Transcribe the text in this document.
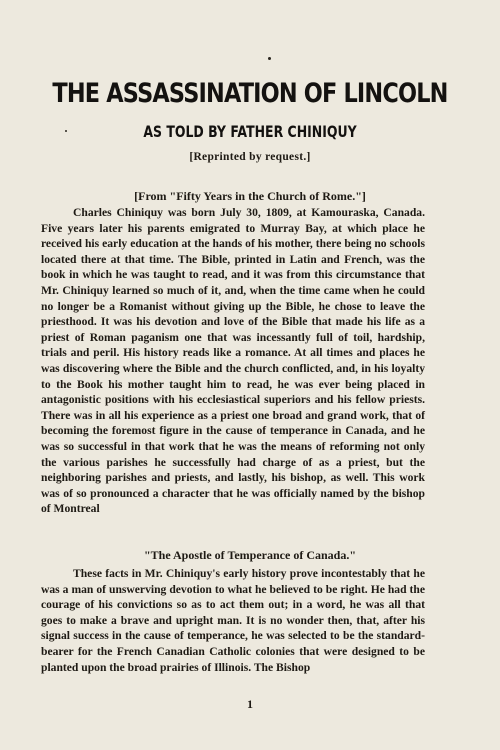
THE ASSASSINATION OF LINCOLN
AS TOLD BY FATHER CHINIQUY
[Reprinted by request.]
[From "Fifty Years in the Church of Rome."]

Charles Chiniquy was born July 30, 1809, at Kamouraska, Canada. Five years later his parents emigrated to Murray Bay, at which place he received his early education at the hands of his mother, there being no schools located there at that time. The Bible, printed in Latin and French, was the book in which he was taught to read, and it was from this circumstance that Mr. Chiniquy learned so much of it, and, when the time came when he could no longer be a Romanist without giving up the Bible, he chose to leave the priesthood. It was his devotion and love of the Bible that made his life as a priest of Roman paganism one that was incessantly full of toil, hardship, trials and peril. His history reads like a romance. At all times and places he was discovering where the Bible and the church conflicted, and, in his loyalty to the Book his mother taught him to read, he was ever being placed in antagonistic positions with his ecclesiastical superiors and his fellow priests. There was in all his experience as a priest one broad and grand work, that of becoming the foremost figure in the cause of temperance in Canada, and he was so successful in that work that he was the means of reforming not only the various parishes he successfully had charge of as a priest, but the neighboring parishes and priests, and lastly, his bishop, as well. This work was of so pronounced a character that he was officially named by the bishop of Montreal

"The Apostle of Temperance of Canada."

These facts in Mr. Chiniquy's early history prove incontestably that he was a man of unswerving devotion to what he believed to be right. He had the courage of his convictions so as to act them out; in a word, he was all that goes to make a brave and upright man. It is no wonder then, that, after his signal success in the cause of temperance, he was selected to be the standard-bearer for the French Canadian Catholic colonies that were designed to be planted upon the broad prairies of Illinois. The Bishop

1
